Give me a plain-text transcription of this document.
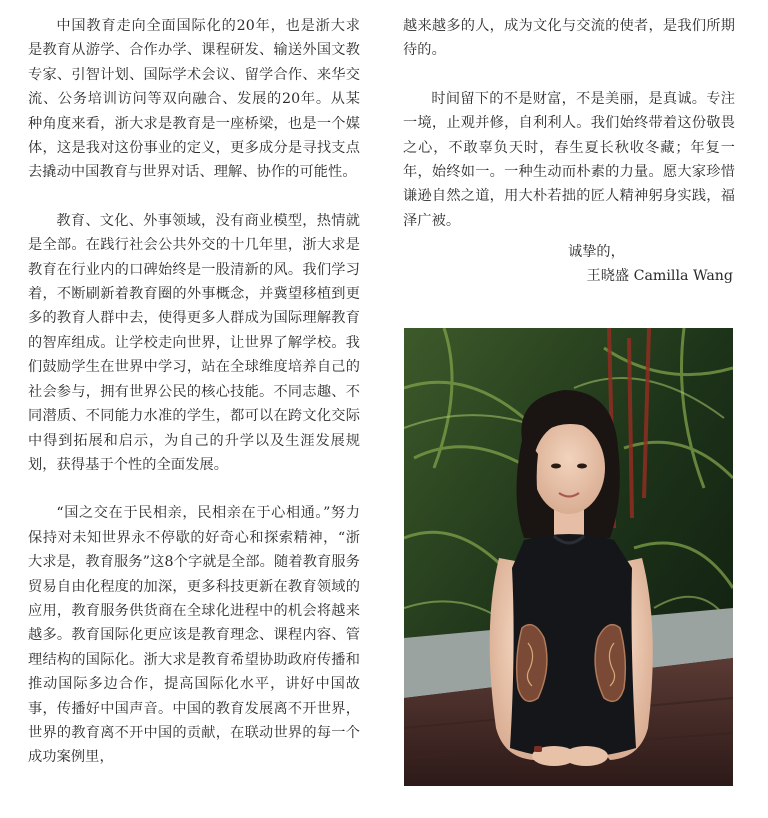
中国教育走向全面国际化的20年，也是浙大求是教育从游学、合作办学、课程研发、输送外国文教专家、引智计划、国际学术会议、留学合作、来华交流、公务培训访问等双向融合、发展的20年。从某种角度来看，浙大求是教育是一座桥梁，也是一个媒体，这是我对这份事业的定义，更多成分是寻找支点去撬动中国教育与世界对话、理解、协作的可能性。

教育、文化、外事领域，没有商业模型，热情就是全部。在践行社会公共外交的十几年里，浙大求是教育在行业内的口碑始终是一股清新的风。我们学习着，不断刷新着教育圈的外事概念，并冀望移植到更多的教育人群中去，使得更多人群成为国际理解教育的智库组成。让学校走向世界，让世界了解学校。我们鼓励学生在世界中学习，站在全球维度培养自己的社会参与，拥有世界公民的核心技能。不同志趣、不同潜质、不同能力水准的学生，都可以在跨文化交际中得到拓展和启示，为自己的升学以及生涯发展规划，获得基于个性的全面发展。

“国之交在于民相亲，民相亲在于心相通。”努力保持对未知世界永不停歇的好奇心和探索精神，“浙大求是，教育服务”这8个字就是全部。随着教育服务贸易自由化程度的加深，更多科技更新在教育领域的应用，教育服务供货商在全球化进程中的机会将越来越多。教育国际化更应该是教育理念、课程内容、管理结构的国际化。浙大求是教育希望协助政府传播和推动国际多边合作，提高国际化水平，讲好中国故事，传播好中国声音。中国的教育发展离不开世界，世界的教育离不开中国的贡献，在联动世界的每一个成功案例里，

越来越多的人，成为文化与交流的使者，是我们所期待的。

时间留下的不是财富，不是美丽，是真诚。专注一境，止观并修，自利利人。我们始终带着这份敬畏之心，不敢辜负天时，春生夏长秋收冬藏；年复一年，始终如一。一种生动而朴素的力量。愿大家珍惜谦逊自然之道，用大朴若拙的匠人精神躬身实践，福泽广被。

诚挚的，
王晓盛 Camilla Wang
